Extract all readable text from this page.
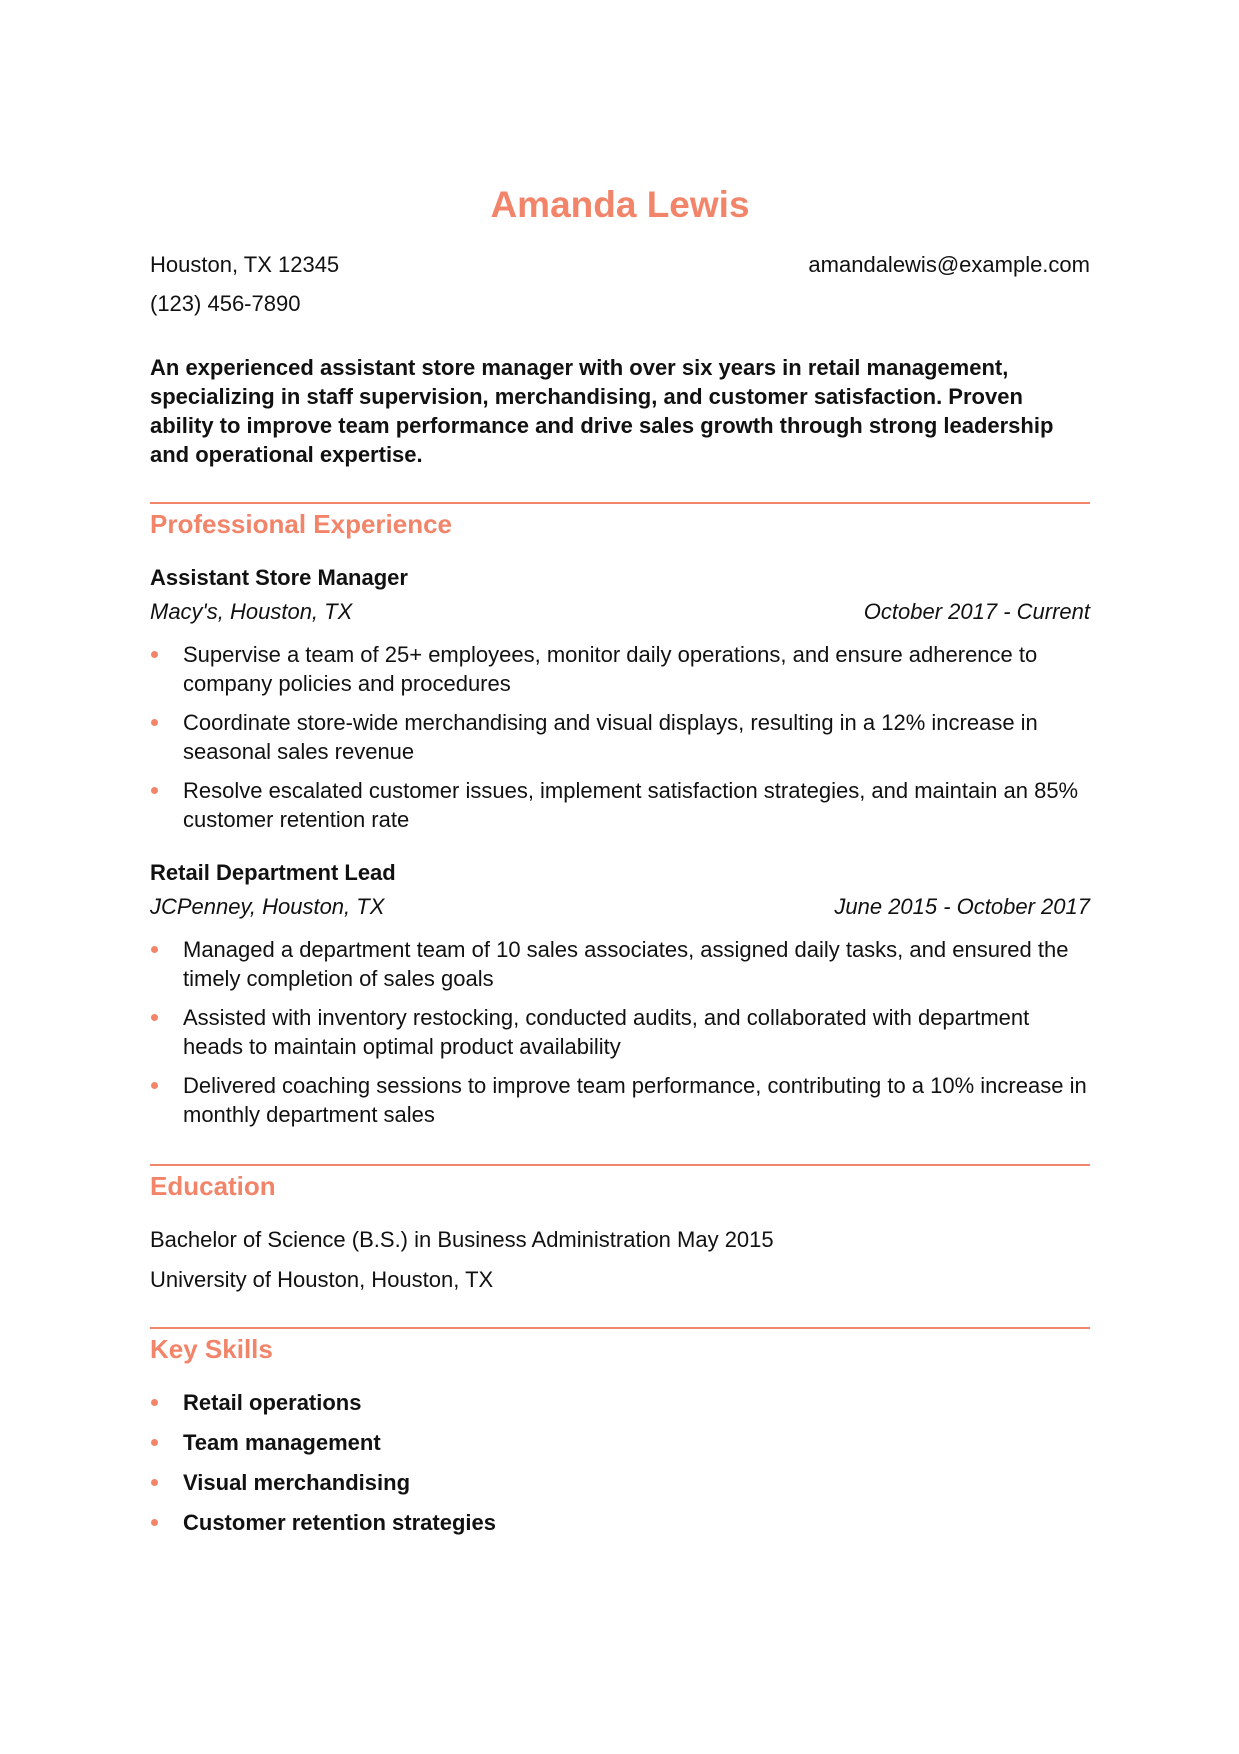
Amanda Lewis
Houston, TX 12345	amandalewis@example.com
(123) 456-7890
An experienced assistant store manager with over six years in retail management, specializing in staff supervision, merchandising, and customer satisfaction. Proven ability to improve team performance and drive sales growth through strong leadership and operational expertise.
Professional Experience
Assistant Store Manager
Macy's, Houston, TX	October 2017 - Current
Supervise a team of 25+ employees, monitor daily operations, and ensure adherence to company policies and procedures
Coordinate store-wide merchandising and visual displays, resulting in a 12% increase in seasonal sales revenue
Resolve escalated customer issues, implement satisfaction strategies, and maintain an 85% customer retention rate
Retail Department Lead
JCPenney, Houston, TX	June 2015 - October 2017
Managed a department team of 10 sales associates, assigned daily tasks, and ensured the timely completion of sales goals
Assisted with inventory restocking, conducted audits, and collaborated with department heads to maintain optimal product availability
Delivered coaching sessions to improve team performance, contributing to a 10% increase in monthly department sales
Education
Bachelor of Science (B.S.) in Business Administration May 2015
University of Houston, Houston, TX
Key Skills
Retail operations
Team management
Visual merchandising
Customer retention strategies
